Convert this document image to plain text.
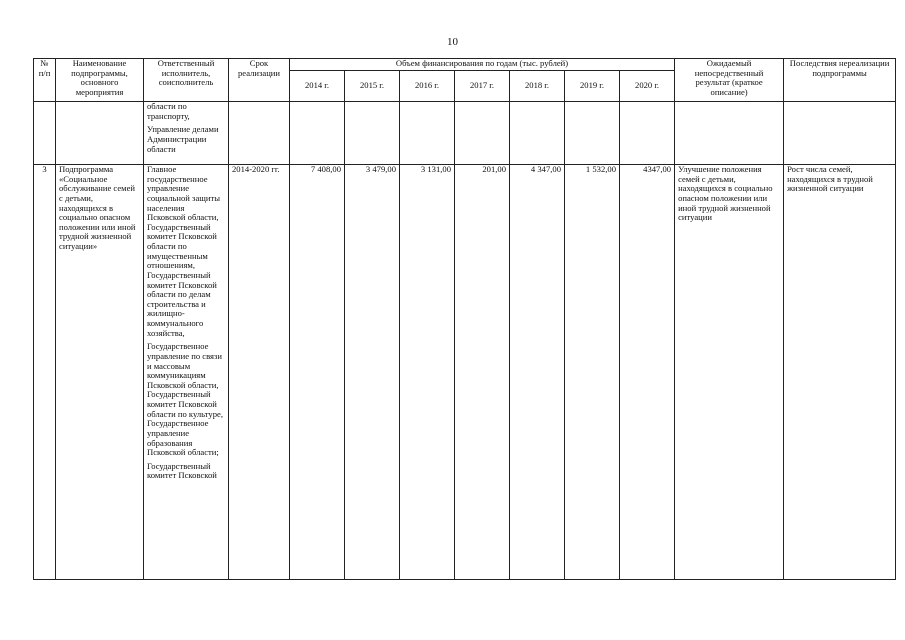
10
№ п/п	Наименование подпрограммы, основного мероприятия	Ответственный исполнитель, соисполнитель	Срок реализации	Объем финансирования по годам (тыс. рублей)							Ожидаемый непосредственный результат (краткое описание)	Последствия нереализации подпрограммы
				2014 г.	2015 г.	2016 г.	2017 г.	2018 г.	2019 г.	2020 г.		

		области по транспорту,

Управление делами Администрации области										

3	Подпрограмма «Социальное обслуживание семей с детьми, находящихся в социально опасном положении или иной трудной жизненной ситуации»	Главное государственное управление социальной защиты населения Псковской области, Государственный комитет Псковской области по имущественным отношениям, Государственный комитет Псковской области по делам строительства и жилищно-коммунального хозяйства,

Государственное управление по связи и массовым коммуникациям Псковской области, Государственный комитет Псковской области по культуре, Государственное управление образования Псковской области;

Государственный комитет Псковской	2014-2020 гг.	7 408,00	3 479,00	3 131,00	201,00	4 347,00	1 532,00	4347,00	Улучшение положения семей с детьми, находящихся в социально опасном положении или иной трудной жизненной ситуации	Рост числа семей, находящихся в трудной жизненной ситуации
